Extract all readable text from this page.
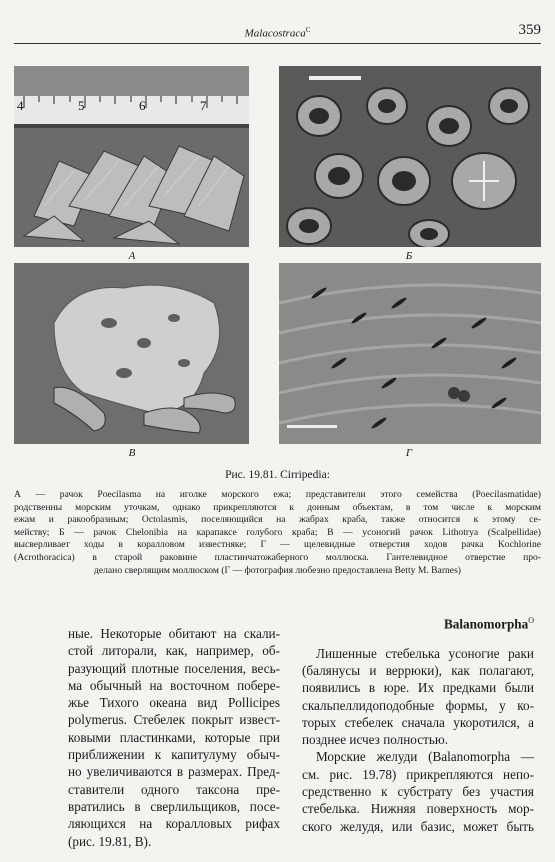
Malacostraca$^C$	359
4	5	6	7
А	Б
В	Г
Рис. 19.81. Cirripedia:
А — рачок Poecilasma на иголке морского ежа; представители этого семейства (Poecilasmatidae)
родственны морским уточкам, однако прикрепляются к донным объектам, в том числе к морским
ежам и ракообразным; Octolasmis, поселяющийся на жабрах краба, также относится к этому се-
мейству; Б — рачок Chelonibia на карапаксе голубого краба; В — усоногий рачок Lithotrya (Scalpellidae)
высверливает ходы в коралловом известняке; Г — щелевидные отверстия ходов рачка Kochlorine
(Acrothoracica) в старой раковине пластинчатожаберного моллюска. Гантелевидное отверстие про-
делано сверлящим моллюском (Г — фотография любезно предоставлена Betty M. Barnes)
ные. Некоторые обитают на скали-
стой литорали, как, например, об-
разующий плотные поселения, весь-
ма обычный на восточном побере-
жье Тихого океана вид Pollicipes
polymerus. Стебелек покрыт извест-
ковыми пластинками, которые при
приближении к капитулуму обыч-
но увеличиваются в размерах. Пред-
ставители одного таксона пре-
вратились в сверлильщиков, посе-
ляющихся на коралловых рифах
(рис. 19.81, В).
Balanomorpha$^O$
Лишенные стебелька усоногие раки
(балянусы и веррюки), как полагают,
появились в юре. Их предками были
скальпеллидоподобные формы, у ко-
торых стебелек сначала укоротился, а
позднее исчез полностью.
Морские желуди (Balanomorpha —
см. рис. 19.78) прикрепляются непо-
средственно к субстрату без участия
стебелька. Нижняя поверхность мор-
ского желудя, или базис, может быть
